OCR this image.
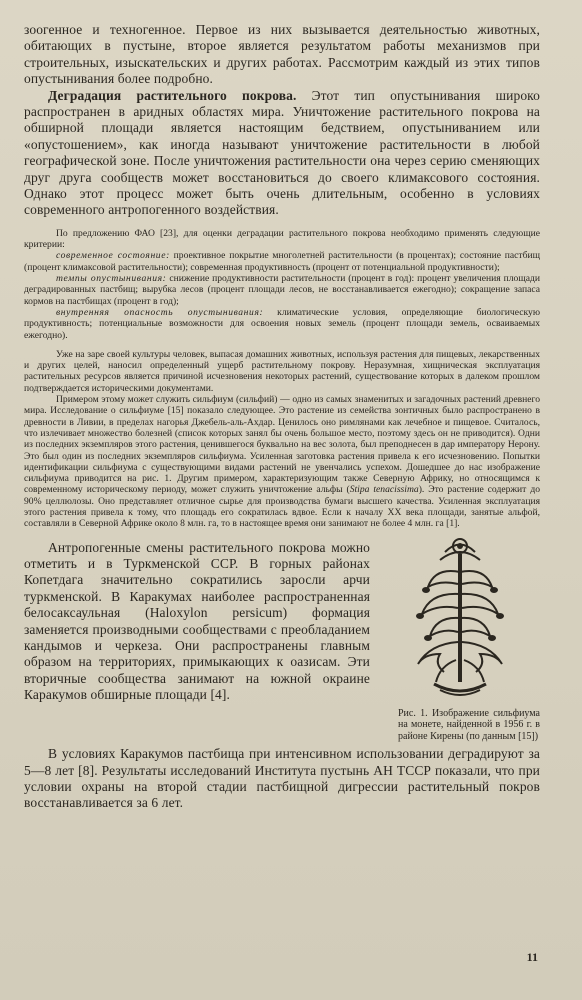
зоогенное и техногенное. Первое из них вызывается деятельностью животных, обитающих в пустыне, второе является результатом работы механизмов при строительных, изыскательских и других работах. Рассмотрим каждый из этих типов опустынивания более подробно.

Деградация растительного покрова. Этот тип опустынивания широко распространен в аридных областях мира. Уничтожение растительного покрова на обширной площади является настоящим бедствием, опустыниванием или «опустошением», как иногда называют уничтожение растительности в любой географической зоне. После уничтожения растительности она через серию сменяющих друг друга сообществ может восстановиться до своего климаксового состояния. Однако этот процесс может быть очень длительным, особенно в условиях современного антропогенного воздействия.

По предложению ФАО [23], для оценки деградации растительного покрова необходимо применять следующие критерии:

современное состояние: проективное покрытие многолетней растительности (в процентах); состояние пастбищ (процент климаксовой растительности); современная продуктивность (процент от потенциальной продуктивности);

темпы опустынивания: снижение продуктивности растительности (процент в год): процент увеличения площади деградированных пастбищ; вырубка лесов (процент площади лесов, не восстанавливается ежегодно); сокращение запаса кормов на пастбищах (процент в год);

внутренняя опасность опустынивания: климатические условия, определяющие биологическую продуктивность; потенциальные возможности для освоения новых земель (процент площади земель, осваиваемых ежегодно).

Уже на заре своей культуры человек, выпасая домашних животных, используя растения для пищевых, лекарственных и других целей, наносил определенный ущерб растительному покрову. Неразумная, хищническая эксплуатация растительных ресурсов является причиной исчезновения некоторых растений, существование которых в далеком прошлом подтверждается историческими документами.

Примером этому может служить сильфиум (сильфий) — одно из самых знаменитых и загадочных растений древнего мира. Исследование о сильфиуме [15] показало следующее. Это растение из семейства зонтичных было распространено в древности в Ливии, в пределах нагорья Джебель-аль-Ахдар. Ценилось оно римлянами как лечебное и пищевое. Считалось, что излечивает множество болезней (список которых занял бы очень большое место, поэтому здесь он не приводится). Одни из последних экземпляров этого растения, ценившегося буквально на вес золота, был преподнесен в дар императору Нерону. Это был один из последних экземпляров сильфиума. Усиленная заготовка растения привела к его исчезновению. Попытки идентификации сильфиума с существующими видами растений не увенчались успехом. Дошедшее до нас изображение сильфиума приводится на рис. 1. Другим примером, характеризующим также Северную Африку, но относящимся к современному историческому периоду, может служить уничтожение альфы (Stipa tenacissima). Это растение содержит до 90% целлюлозы. Оно представляет отличное сырье для производства бумаги высшего качества. Усиленная эксплуатация этого растения привела к тому, что площадь его сократилась вдвое. Если к началу XX века площади, занятые альфой, составляли в Северной Африке около 8 млн. га, то в настоящее время они занимают не более 4 млн. га [1].

Рис. 1. Изображение сильфиума на монете, найденной в 1956 г. в районе Кирены (по данным [15])

Антропогенные смены растительного покрова можно отметить и в Туркменской ССР. В горных районах Копетдага значительно сократились заросли арчи туркменской. В Каракумах наиболее распространенная белосаксаульная (Haloxylon persicum) формация заменяется производными сообществами с преобладанием кандымов и черкеза. Они распространены главным образом на территориях, примыкающих к оазисам. Эти вторичные сообщества занимают на южной окраине Каракумов обширные площади [4].

В условиях Каракумов пастбища при интенсивном использовании деградируют за 5—8 лет [8]. Результаты исследований Института пустынь АН ТССР показали, что при условии охраны на второй стадии пастбищной дигрессии растительный покров восстанавливается за 6 лет.

11
